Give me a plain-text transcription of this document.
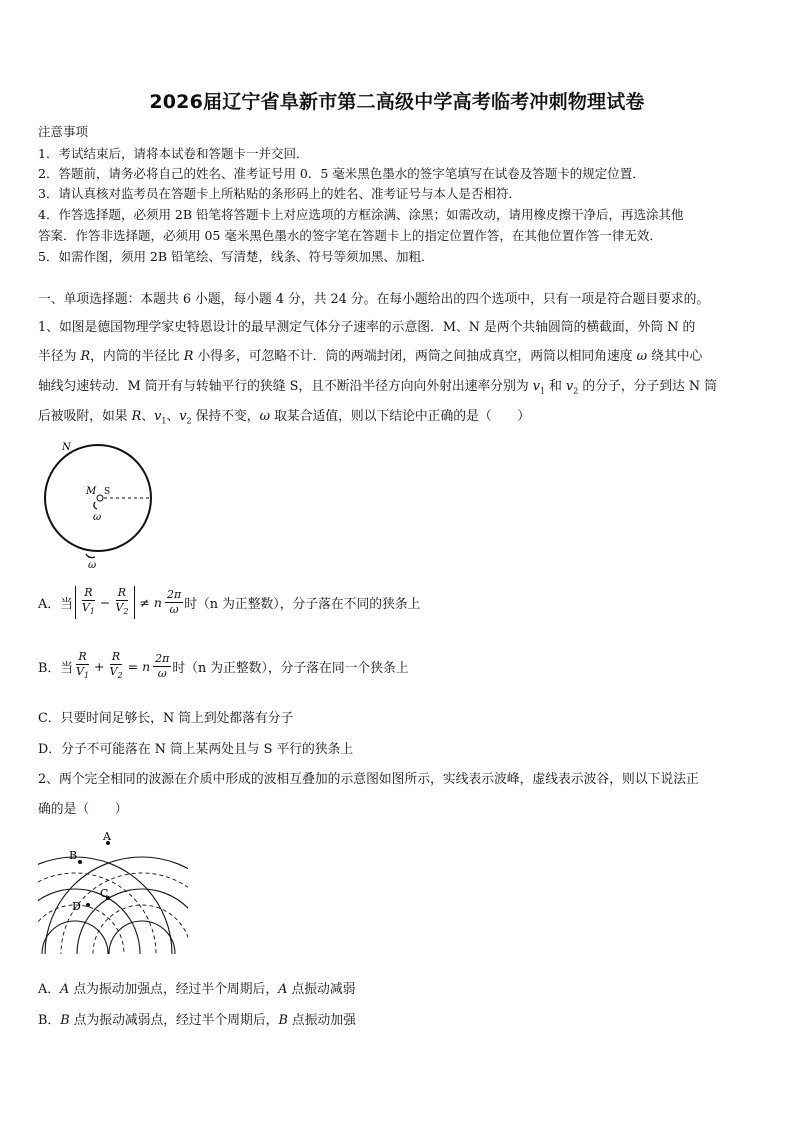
2026届辽宁省阜新市第二高级中学高考临考冲刺物理试卷
注意事项
1．考试结束后，请将本试卷和答题卡一并交回．
2．答题前，请务必将自己的姓名、准考证号用 0．5 毫米黑色墨水的签字笔填写在试卷及答题卡的规定位置．
3．请认真核对监考员在答题卡上所粘贴的条形码上的姓名、准考证号与本人是否相符．
4．作答选择题，必须用 2B 铅笔将答题卡上对应选项的方框涂满、涂黑；如需改动，请用橡皮擦干净后，再选涂其他
答案．作答非选择题，必须用 05 毫米黑色墨水的签字笔在答题卡上的指定位置作答，在其他位置作答一律无效．
5．如需作图，须用 2B 铅笔绘、写清楚，线条、符号等须加黑、加粗．
一、单项选择题：本题共 6 小题，每小题 4 分，共 24 分。在每小题给出的四个选项中，只有一项是符合题目要求的。
1、如图是德国物理学家史特恩设计的最早测定气体分子速率的示意图．M、N 是两个共轴圆筒的横截面，外筒 N 的
半径为 R，内筒的半径比 R 小得多，可忽略不计．筒的两端封闭，两筒之间抽成真空，两筒以相同角速度 ω 绕其中心
轴线匀速转动．M 筒开有与转轴平行的狭缝 S，且不断沿半径方向向外射出速率分别为 $v_1$ 和 $v_2$ 的分子，分子到达 N 筒
后被吸附，如果 R、$v_1$、$v_2$ 保持不变，ω 取某合适值，则以下结论中正确的是（　　）
N
M S
ω
ω
A．当 $\frac{R}{V_1} - \frac{R}{V_2} \ne n \frac{2\pi}{\omega}$ 时（n 为正整数），分子落在不同的狭条上
B．当 $\frac{R}{V_1} + \frac{R}{V_2} = n \frac{2\pi}{\omega}$ 时（n 为正整数），分子落在同一个狭条上
C．只要时间足够长，N 筒上到处都落有分子
D．分子不可能落在 N 筒上某两处且与 S 平行的狭条上
2、两个完全相同的波源在介质中形成的波相互叠加的示意图如图所示，实线表示波峰，虚线表示波谷，则以下说法正
确的是（　　）
A
B
C
D
A．A 点为振动加强点，经过半个周期后，A 点振动减弱
B．B 点为振动减弱点，经过半个周期后，B 点振动加强
